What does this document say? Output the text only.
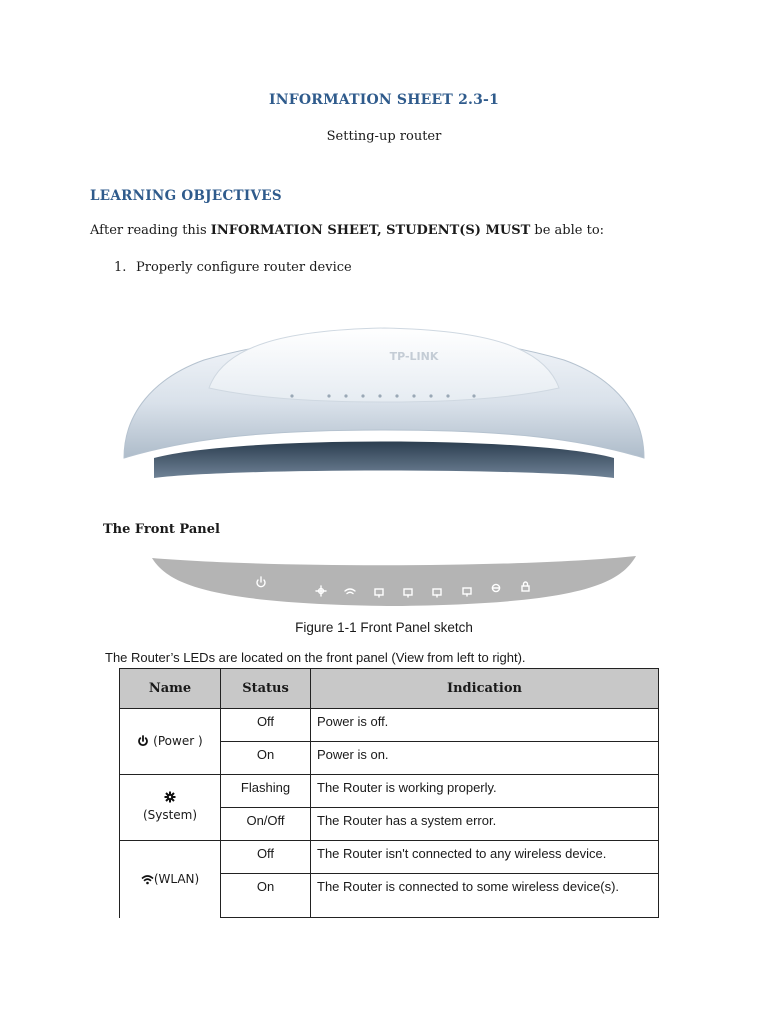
INFORMATION SHEET 2.3-1
Setting-up router
LEARNING OBJECTIVES
After reading this INFORMATION SHEET, STUDENT(S) MUST be able to:
1. Properly configure router device
TP-LINK
The Front Panel
Figure 1-1 Front Panel sketch
The Router’s LEDs are located on the front panel (View from left to right).
Name	Status	Indication
(Power )	Off	Power is off.
	On	Power is on.

(System)	Flashing	The Router is working properly.
	On/Off	The Router has a system error.
(WLAN)	Off	The Router isn't connected to any wireless device.
	On	The Router is connected to some wireless device(s).
